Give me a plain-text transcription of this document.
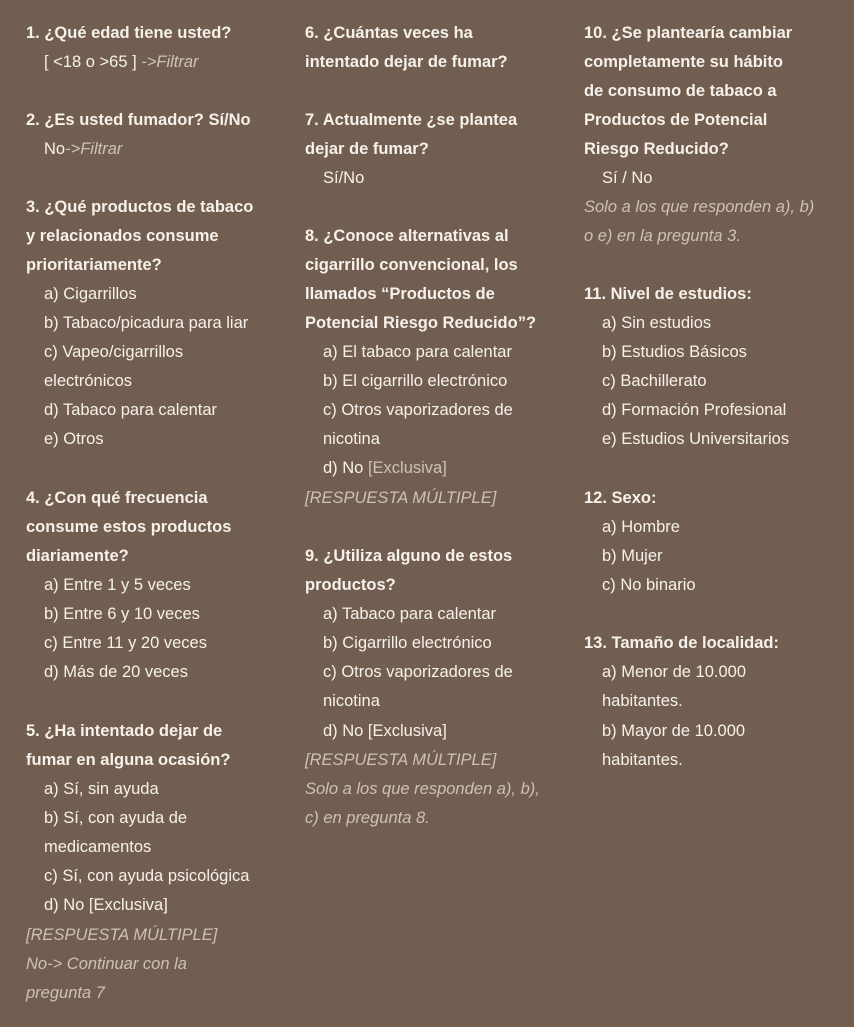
1. ¿Qué edad tiene usted?
[ <18 o >65 ] ->Filtrar
2. ¿Es usted fumador? Sí/No
No->Filtrar
3. ¿Qué productos de tabaco
y relacionados consume
prioritariamente?
a) Cigarrillos
b) Tabaco/picadura para liar
c) Vapeo/cigarrillos
electrónicos
d) Tabaco para calentar
e) Otros
4. ¿Con qué frecuencia
consume estos productos
diariamente?
a) Entre 1 y 5 veces
b) Entre 6 y 10 veces
c) Entre 11 y 20 veces
d) Más de 20 veces
5. ¿Ha intentado dejar de
fumar en alguna ocasión?
a) Sí, sin ayuda
b) Sí, con ayuda de
medicamentos
c) Sí, con ayuda psicológica
d) No [Exclusiva]
[RESPUESTA MÚLTIPLE]
No-> Continuar con la
pregunta 7
6. ¿Cuántas veces ha
intentado dejar de fumar?
7. Actualmente ¿se plantea
dejar de fumar?
Sí/No
8. ¿Conoce alternativas al
cigarrillo convencional, los
llamados “Productos de
Potencial Riesgo Reducido”?
a) El tabaco para calentar
b) El cigarrillo electrónico
c) Otros vaporizadores de
nicotina
d) No [Exclusiva]
[RESPUESTA MÚLTIPLE]
9. ¿Utiliza alguno de estos
productos?
a) Tabaco para calentar
b) Cigarrillo electrónico
c) Otros vaporizadores de
nicotina
d) No [Exclusiva]
[RESPUESTA MÚLTIPLE]
Solo a los que responden a), b),
c) en pregunta 8.
10. ¿Se plantearía cambiar
completamente su hábito
de consumo de tabaco a
Productos de Potencial
Riesgo Reducido?
Sí / No
Solo a los que responden a), b)
o e) en la pregunta 3.
11. Nivel de estudios:
a) Sin estudios
b) Estudios Básicos
c) Bachillerato
d) Formación Profesional
e) Estudios Universitarios
12. Sexo:
a) Hombre
b) Mujer
c) No binario
13. Tamaño de localidad:
a) Menor de 10.000
habitantes.
b) Mayor de 10.000
habitantes.
